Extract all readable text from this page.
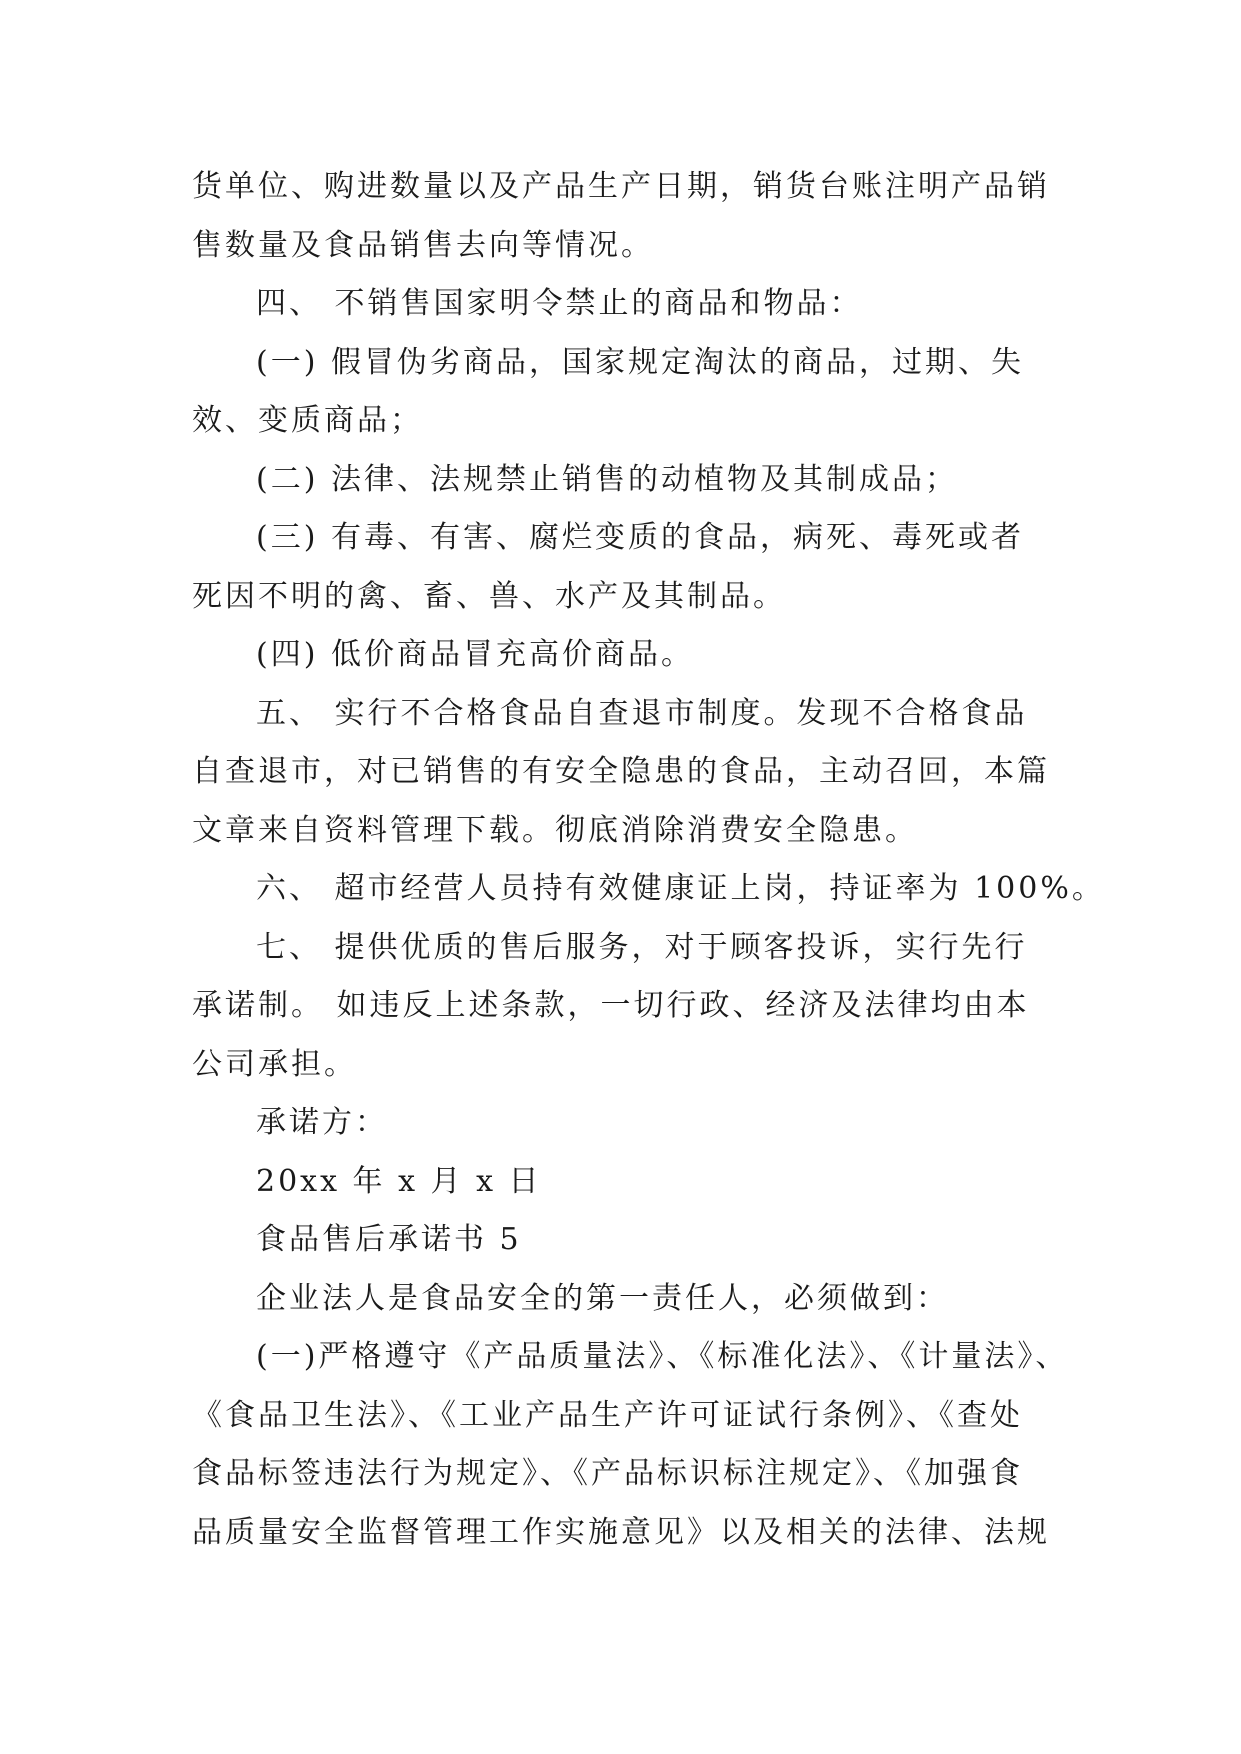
货单位、购进数量以及产品生产日期，销货台账注明产品销
售数量及食品销售去向等情况。
四、 不销售国家明令禁止的商品和物品：
(一) 假冒伪劣商品，国家规定淘汰的商品，过期、失
效、变质商品；
(二) 法律、法规禁止销售的动植物及其制成品；
(三) 有毒、有害、腐烂变质的食品，病死、毒死或者
死因不明的禽、畜、兽、水产及其制品。
(四) 低价商品冒充高价商品。
五、 实行不合格食品自查退市制度。发现不合格食品
自查退市，对已销售的有安全隐患的食品，主动召回，本篇
文章来自资料管理下载。彻底消除消费安全隐患。
六、 超市经营人员持有效健康证上岗，持证率为 100%。
七、 提供优质的售后服务，对于顾客投诉，实行先行
承诺制。 如违反上述条款，一切行政、经济及法律均由本
公司承担。
承诺方：
20xx 年 x 月 x 日
食品售后承诺书 5
企业法人是食品安全的第一责任人，必须做到：
(一)严格遵守《产品质量法》、《标准化法》、《计量法》、
《食品卫生法》、《工业产品生产许可证试行条例》、《查处
食品标签违法行为规定》、《产品标识标注规定》、《加强食
品质量安全监督管理工作实施意见》以及相关的法律、法规
